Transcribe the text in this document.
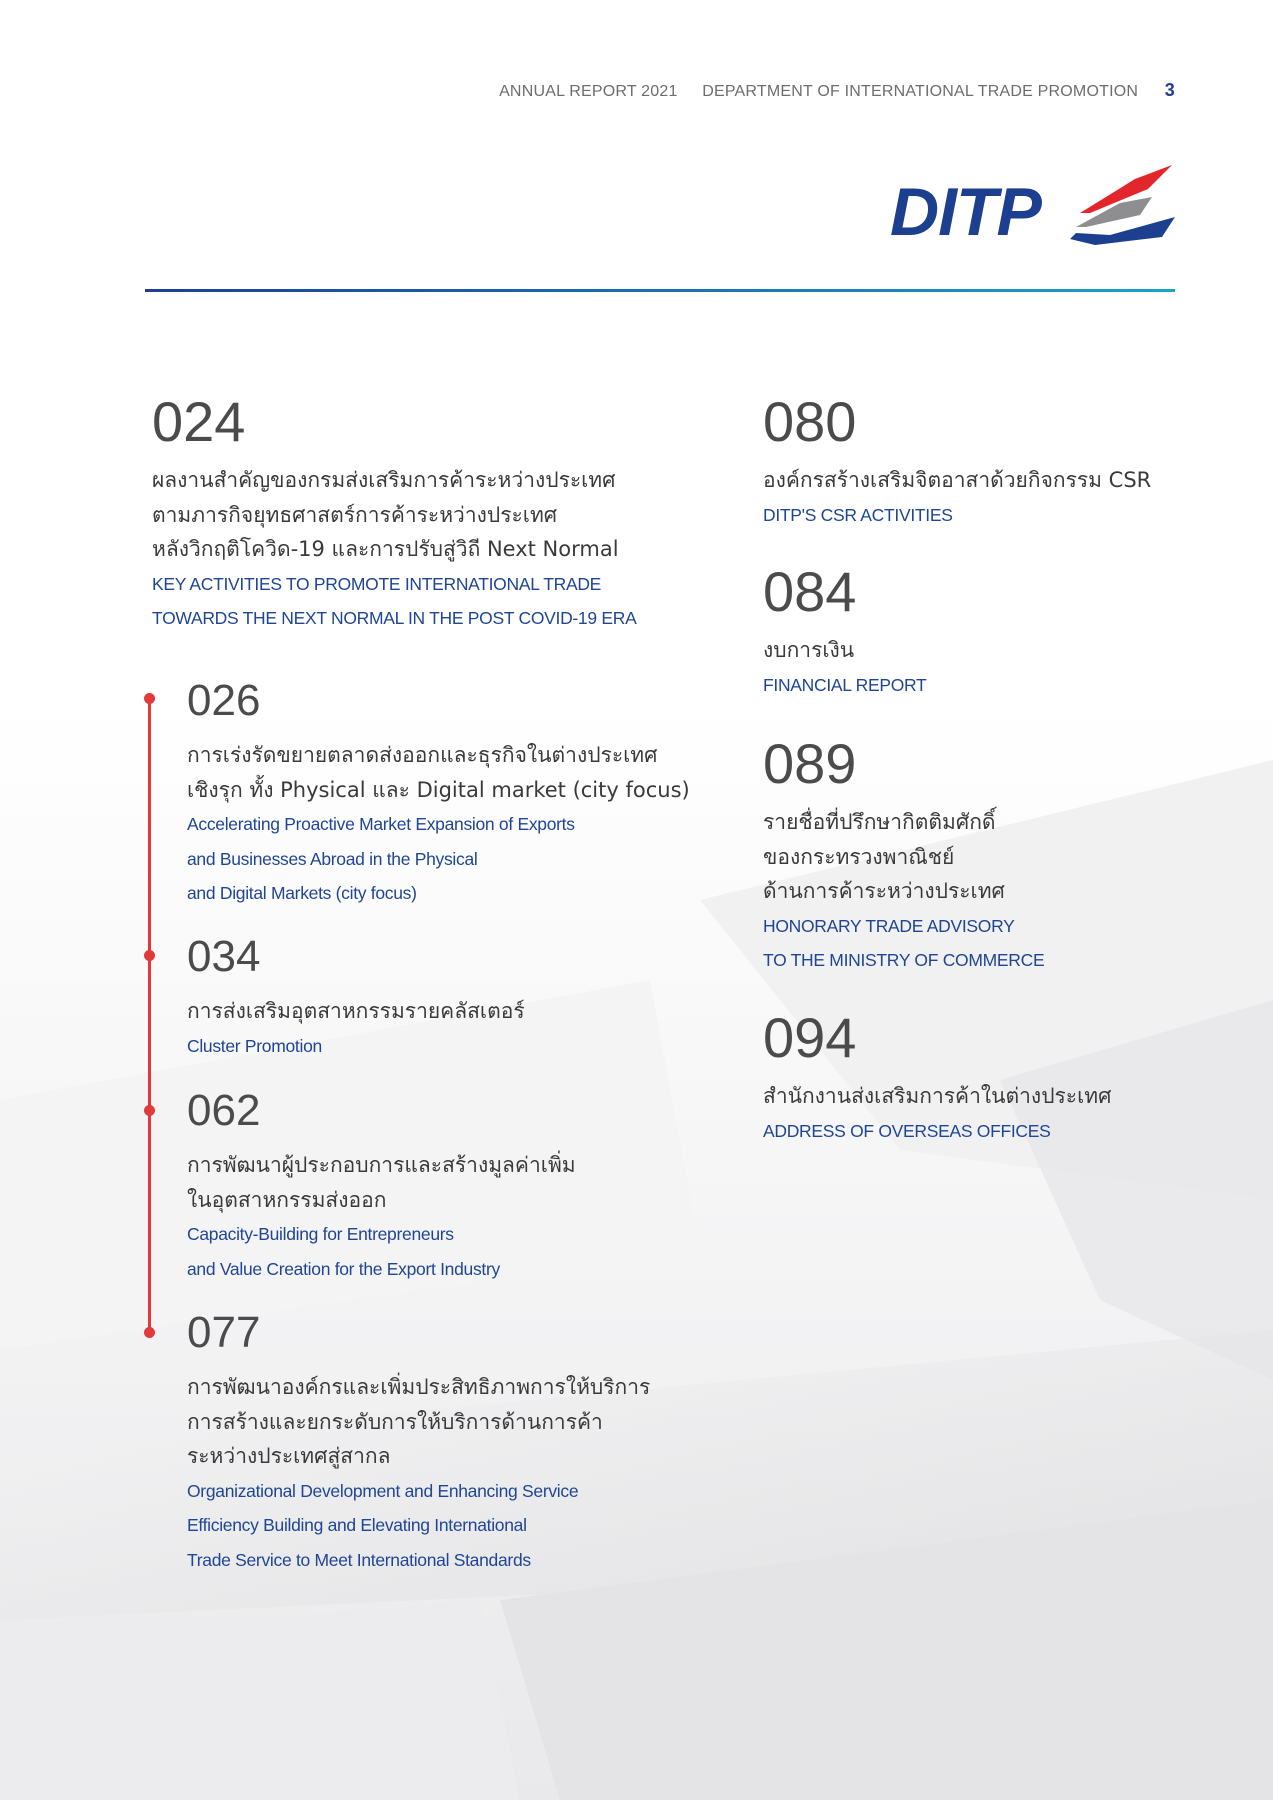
ANNUAL REPORT 2021 DEPARTMENT OF INTERNATIONAL TRADE PROMOTION 3
DITP
024
ผลงานสำคัญของกรมส่งเสริมการค้าระหว่างประเทศ
ตามภารกิจยุทธศาสตร์การค้าระหว่างประเทศ
หลังวิกฤติโควิด-19 และการปรับสู่วิถี Next Normal
KEY ACTIVITIES TO PROMOTE INTERNATIONAL TRADE
TOWARDS THE NEXT NORMAL IN THE POST COVID-19 ERA
026
การเร่งรัดขยายตลาดส่งออกและธุรกิจในต่างประเทศ
เชิงรุก ทั้ง Physical และ Digital market (city focus)
Accelerating Proactive Market Expansion of Exports
and Businesses Abroad in the Physical
and Digital Markets (city focus)
034
การส่งเสริมอุตสาหกรรมรายคลัสเตอร์
Cluster Promotion
062
การพัฒนาผู้ประกอบการและสร้างมูลค่าเพิ่ม
ในอุตสาหกรรมส่งออก
Capacity-Building for Entrepreneurs
and Value Creation for the Export Industry
077
การพัฒนาองค์กรและเพิ่มประสิทธิภาพการให้บริการ
การสร้างและยกระดับการให้บริการด้านการค้า
ระหว่างประเทศสู่สากล
Organizational Development and Enhancing Service
Efficiency Building and Elevating International
Trade Service to Meet International Standards
080
องค์กรสร้างเสริมจิตอาสาด้วยกิจกรรม CSR
DITP'S CSR ACTIVITIES
084
งบการเงิน
FINANCIAL REPORT
089
รายชื่อที่ปรึกษากิตติมศักดิ์
ของกระทรวงพาณิชย์
ด้านการค้าระหว่างประเทศ
HONORARY TRADE ADVISORY
TO THE MINISTRY OF COMMERCE
094
สำนักงานส่งเสริมการค้าในต่างประเทศ
ADDRESS OF OVERSEAS OFFICES
